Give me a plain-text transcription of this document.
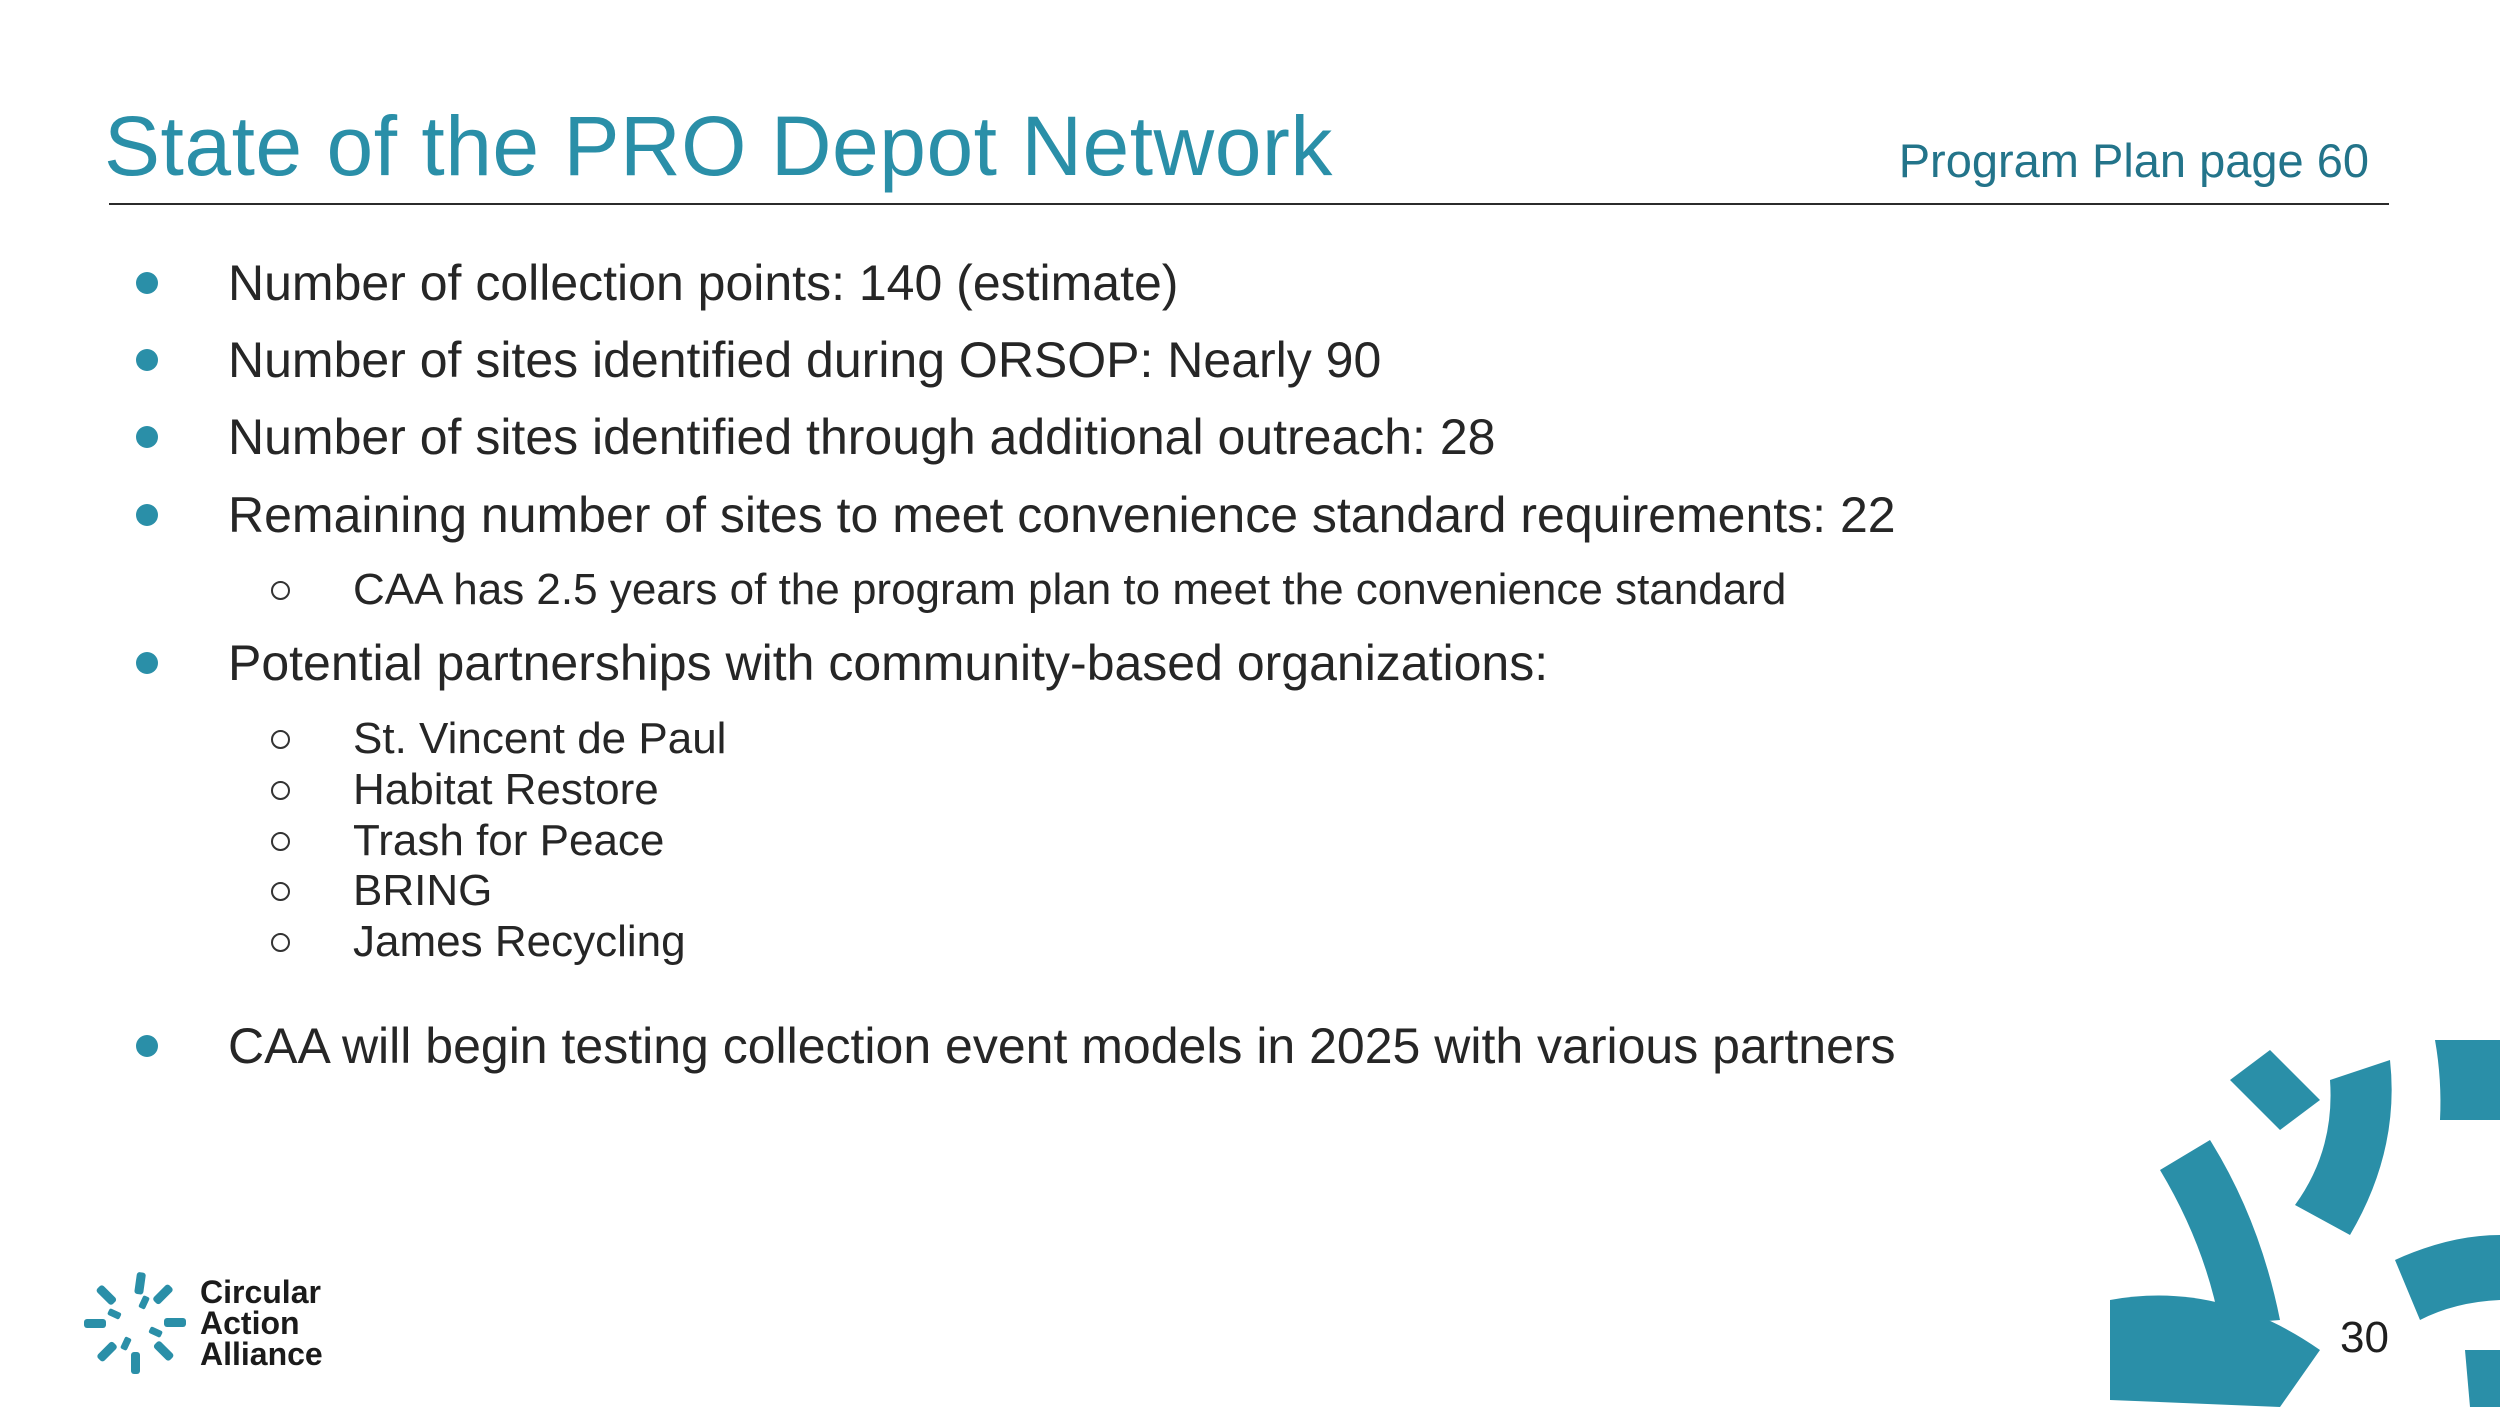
State of the PRO Depot Network	Program Plan page 60
Number of collection points: 140 (estimate)
Number of sites identified during ORSOP: Nearly 90
Number of sites identified through additional outreach: 28
Remaining number of sites to meet convenience standard requirements: 22
CAA has 2.5 years of the program plan to meet the convenience standard
Potential partnerships with community-based organizations:
St. Vincent de Paul
Habitat Restore
Trash for Peace
BRING
James Recycling
CAA will begin testing collection event models in 2025 with various partners
Circular
Action
Alliance	30
